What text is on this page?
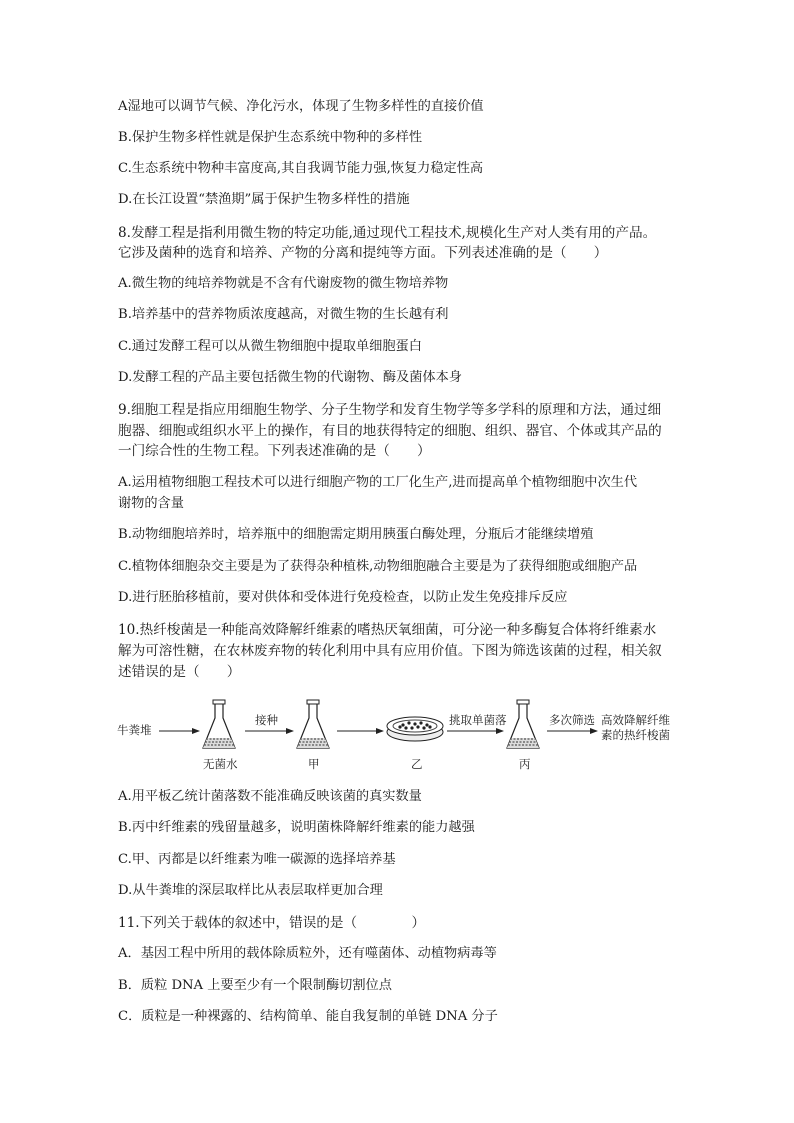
A湿地可以调节气候、净化污水，体现了生物多样性的直接价值
B.保护生物多样性就是保护生态系统中物种的多样性
C.生态系统中物种丰富度高,其自我调节能力强,恢复力稳定性高
D.在长江设置“禁渔期”属于保护生物多样性的措施
8.发酵工程是指利用微生物的特定功能,通过现代工程技术,规模化生产对人类有用的产品。
它涉及菌种的选育和培养、产物的分离和提纯等方面。下列表述准确的是（　　）
A.微生物的纯培养物就是不含有代谢废物的微生物培养物
B.培养基中的营养物质浓度越高，对微生物的生长越有利
C.通过发酵工程可以从微生物细胞中提取单细胞蛋白
D.发酵工程的产品主要包括微生物的代谢物、酶及菌体本身
9.细胞工程是指应用细胞生物学、分子生物学和发育生物学等多学科的原理和方法，通过细
胞器、细胞或组织水平上的操作，有目的地获得特定的细胞、组织、器官、个体或其产品的
一门综合性的生物工程。下列表述准确的是（　　）
A.运用植物细胞工程技术可以进行细胞产物的工厂化生产,进而提高单个植物细胞中次生代
谢物的含量
B.动物细胞培养时，培养瓶中的细胞需定期用胰蛋白酶处理，分瓶后才能继续增殖
C.植物体细胞杂交主要是为了获得杂种植株,动物细胞融合主要是为了获得细胞或细胞产品
D.进行胚胎移植前，要对供体和受体进行免疫检查，以防止发生免疫排斥反应
10.热纤梭菌是一种能高效降解纤维素的嗜热厌氧细菌，可分泌一种多酶复合体将纤维素水
解为可溶性糖，在农林废弃物的转化利用中具有应用价值。下图为筛选该菌的过程，相关叙
述错误的是（　　）
牛粪堆
无菌水
接种
甲	乙
挑取单菌落
丙
多次筛选 高效降解纤维
素的热纤梭菌
A.用平板乙统计菌落数不能准确反映该菌的真实数量
B.丙中纤维素的残留量越多，说明菌株降解纤维素的能力越强
C.甲、丙都是以纤维素为唯一碳源的选择培养基
D.从牛粪堆的深层取样比从表层取样更加合理
11.下列关于载体的叙述中，错误的是（　　　　）
A．基因工程中所用的载体除质粒外，还有噬菌体、动植物病毒等
B．质粒 DNA 上要至少有一个限制酶切割位点
C．质粒是一种裸露的、结构简单、能自我复制的单链 DNA 分子
